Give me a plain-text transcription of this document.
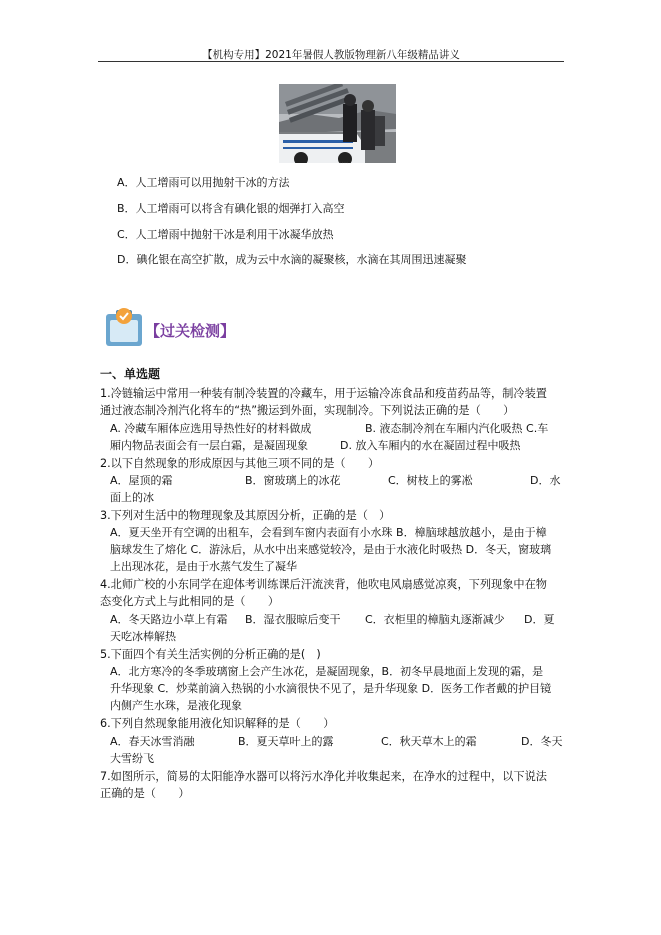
【机构专用】2021年暑假人教版物理新八年级精品讲义
◦◦◦◦
A．人工增雨可以用抛射干冰的方法
B．人工增雨可以将含有碘化银的烟弹打入高空
C．人工增雨中抛射干冰是利用干冰凝华放热
D．碘化银在高空扩散，成为云中水滴的凝聚核，水滴在其周围迅速凝聚
【过关检测】
一、单选题
1.冷链输运中常用一种装有制冷装置的冷藏车，用于运输冷冻食品和疫苗药品等，制冷装置
通过液态制冷剂汽化将车的“热”搬运到外面，实现制冷。下列说法正确的是（　　）
A. 冷藏车厢体应选用导热性好的材料做成	B. 液态制冷剂在车厢内汽化吸热 C.车
厢内物品表面会有一层白霜，是凝固现象	D. 放入车厢内的水在凝固过程中吸热
2.以下自然现象的形成原因与其他三项不同的是（　　）
A．屋顶的霜	B．窗玻璃上的冰花	C．树枝上的雾凇	D．水
面上的冰
3.下列对生活中的物理现象及其原因分析，正确的是（　）
A．夏天坐开有空调的出租车，会看到车窗内表面有小水珠 B．樟脑球越放越小，是由于樟
脑球发生了熔化 C．游泳后，从水中出来感觉较冷，是由于水液化时吸热 D．冬天，窗玻璃
上出现冰花，是由于水蒸气发生了凝华
4.北师广校的小东同学在迎体考训练课后汗流浃背，他吹电风扇感觉凉爽，下列现象中在物
态变化方式上与此相同的是（　　）
A．冬天路边小草上有霜 B．湿衣服晾后变干 C．衣柜里的樟脑丸逐渐减少 D．夏
天吃冰棒解热
5.下面四个有关生活实例的分析正确的是(　)
A．北方寒冷的冬季玻璃窗上会产生冰花，是凝固现象，B．初冬早晨地面上发现的霜，是
升华现象 C．炒菜前滴入热锅的小水滴很快不见了，是升华现象 D．医务工作者戴的护目镜
内侧产生水珠，是液化现象
6.下列自然现象能用液化知识解释的是（　　）
A．春天冰雪消融	B．夏天草叶上的露	C．秋天草木上的霜	D．冬天
大雪纷飞
7.如图所示，简易的太阳能净水器可以将污水净化并收集起来，在净水的过程中，以下说法
正确的是（　　）
